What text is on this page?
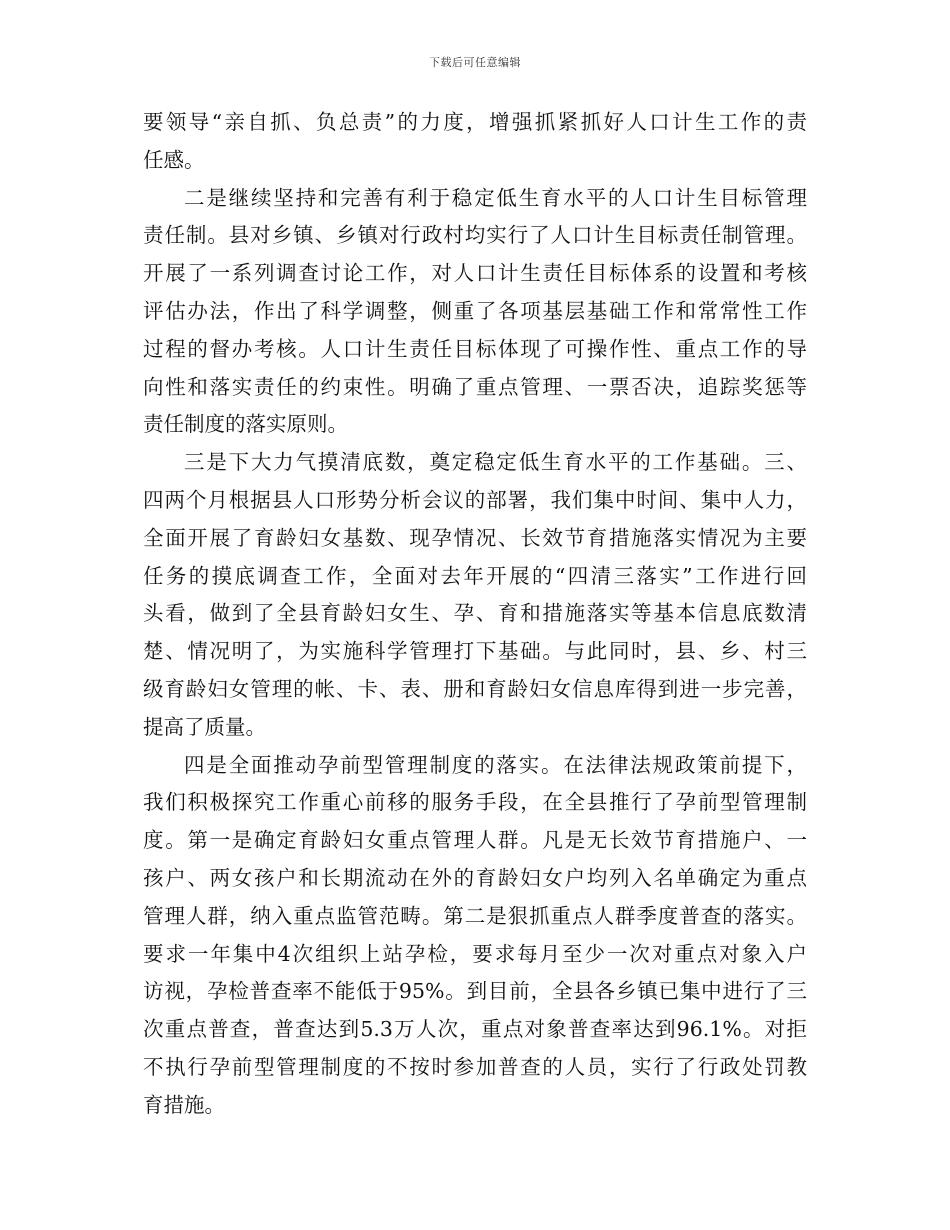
下载后可任意编辑
要领导“亲自抓、负总责”的力度，增强抓紧抓好人口计生工作的责
任感。
二是继续坚持和完善有利于稳定低生育水平的人口计生目标管理
责任制。县对乡镇、乡镇对行政村均实行了人口计生目标责任制管理。
开展了一系列调查讨论工作，对人口计生责任目标体系的设置和考核
评估办法，作出了科学调整，侧重了各项基层基础工作和常常性工作
过程的督办考核。人口计生责任目标体现了可操作性、重点工作的导
向性和落实责任的约束性。明确了重点管理、一票否决，追踪奖惩等
责任制度的落实原则。
三是下大力气摸清底数，奠定稳定低生育水平的工作基础。三、
四两个月根据县人口形势分析会议的部署，我们集中时间、集中人力，
全面开展了育龄妇女基数、现孕情况、长效节育措施落实情况为主要
任务的摸底调查工作，全面对去年开展的“四清三落实”工作进行回
头看，做到了全县育龄妇女生、孕、育和措施落实等基本信息底数清
楚、情况明了，为实施科学管理打下基础。与此同时，县、乡、村三
级育龄妇女管理的帐、卡、表、册和育龄妇女信息库得到进一步完善，
提高了质量。
四是全面推动孕前型管理制度的落实。在法律法规政策前提下，
我们积极探究工作重心前移的服务手段，在全县推行了孕前型管理制
度。第一是确定育龄妇女重点管理人群。凡是无长效节育措施户、一
孩户、两女孩户和长期流动在外的育龄妇女户均列入名单确定为重点
管理人群，纳入重点监管范畴。第二是狠抓重点人群季度普查的落实。
要求一年集中4次组织上站孕检，要求每月至少一次对重点对象入户
访视，孕检普查率不能低于95%。到目前，全县各乡镇已集中进行了三
次重点普查，普查达到5.3万人次，重点对象普查率达到96.1%。对拒
不执行孕前型管理制度的不按时参加普查的人员，实行了行政处罚教
育措施。
